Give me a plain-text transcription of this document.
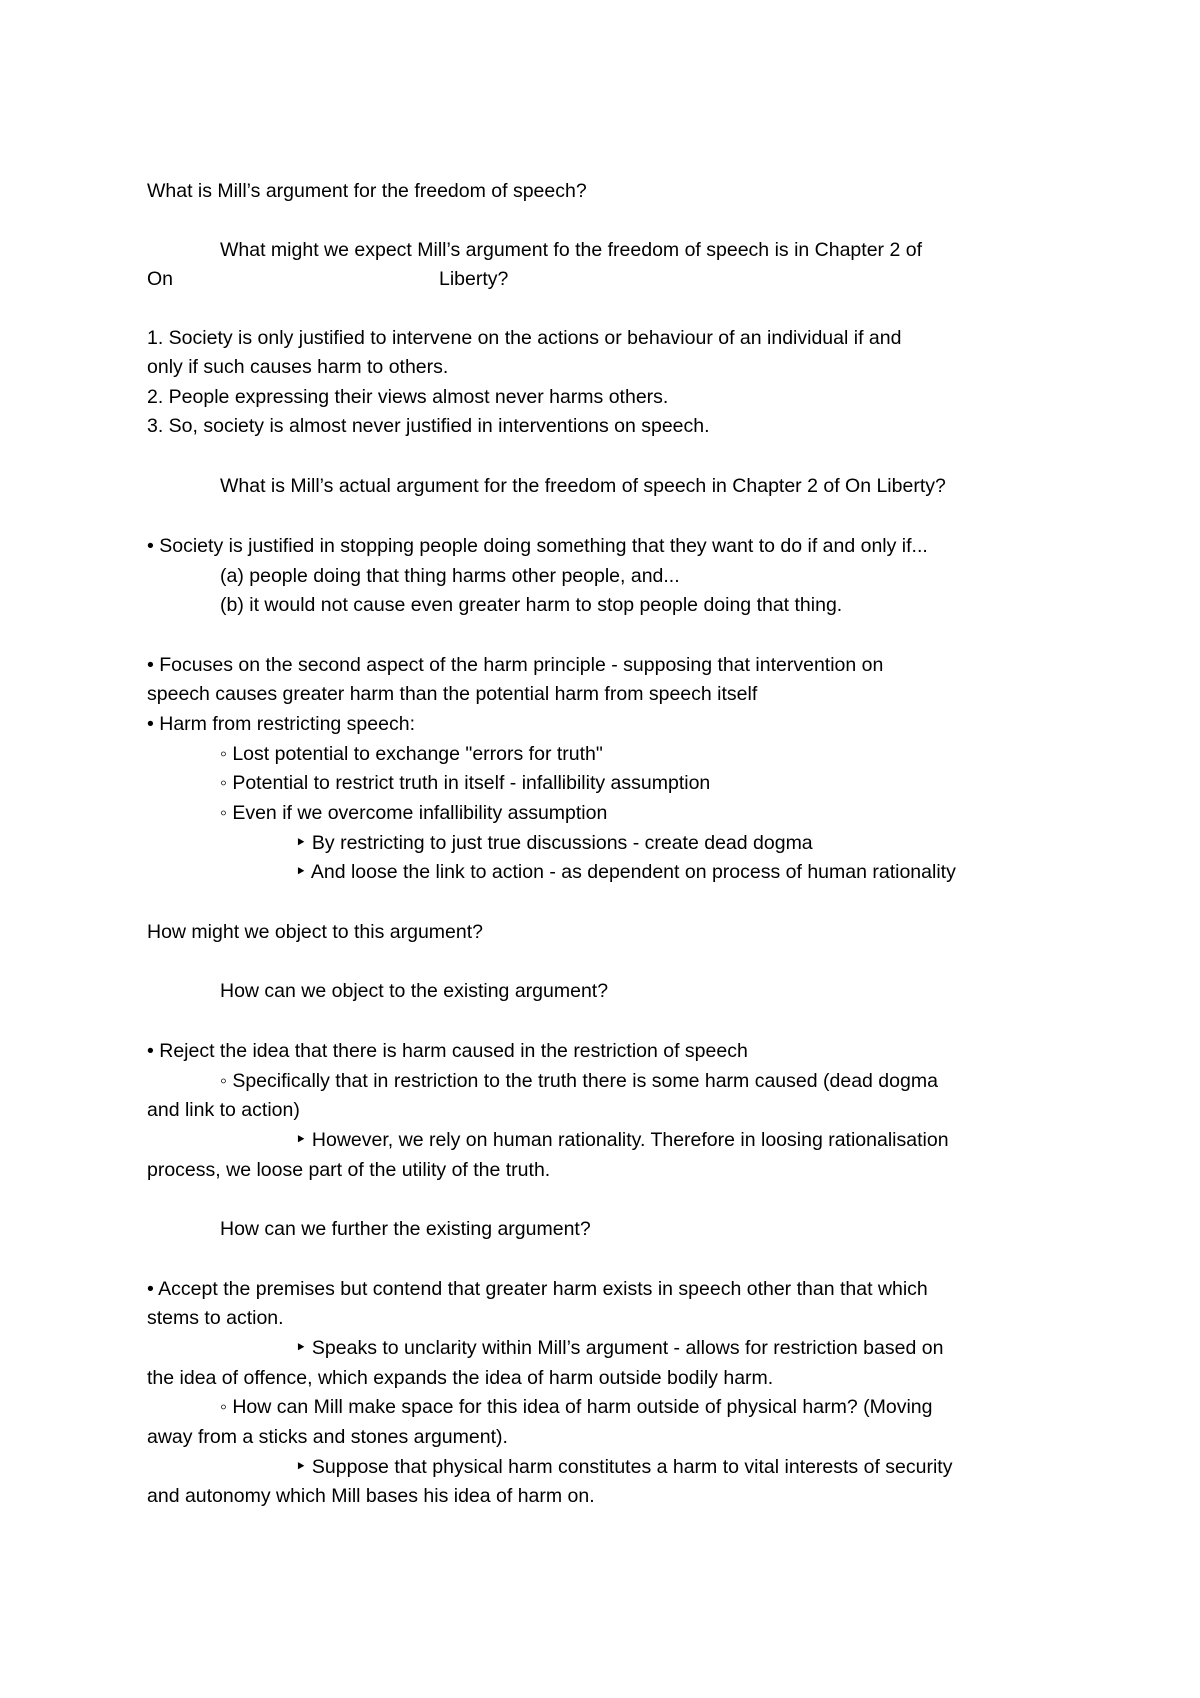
What is Mill’s argument for the freedom of speech?

What might we expect Mill’s argument fo the freedom of speech is in Chapter 2 of

On	Liberty?

1. Society is only justified to intervene on the actions or behaviour of an individual if and

only if such causes harm to others.

2. People expressing their views almost never harms others.

3. So, society is almost never justified in interventions on speech.

What is Mill’s actual argument for the freedom of speech in Chapter 2 of On Liberty?

• Society is justified in stopping people doing something that they want to do if and only if...

(a) people doing that thing harms other people, and...

(b) it would not cause even greater harm to stop people doing that thing.

• Focuses on the second aspect of the harm principle - supposing that intervention on

speech causes greater harm than the potential harm from speech itself

• Harm from restricting speech:

◦ Lost potential to exchange "errors for truth"

◦ Potential to restrict truth in itself - infallibility assumption

◦ Even if we overcome infallibility assumption

‣ By restricting to just true discussions - create dead dogma

‣ And loose the link to action - as dependent on process of human rationality

How might we object to this argument?

How can we object to the existing argument?

• Reject the idea that there is harm caused in the restriction of speech

◦ Specifically that in restriction to the truth there is some harm caused (dead dogma

and link to action)

‣ However, we rely on human rationality. Therefore in loosing rationalisation

process, we loose part of the utility of the truth.

How can we further the existing argument?

• Accept the premises but contend that greater harm exists in speech other than that which

stems to action.

‣ Speaks to unclarity within Mill’s argument - allows for restriction based on

the idea of offence, which expands the idea of harm outside bodily harm.

◦ How can Mill make space for this idea of harm outside of physical harm? (Moving

away from a sticks and stones argument).

‣ Suppose that physical harm constitutes a harm to vital interests of security

and autonomy which Mill bases his idea of harm on.
